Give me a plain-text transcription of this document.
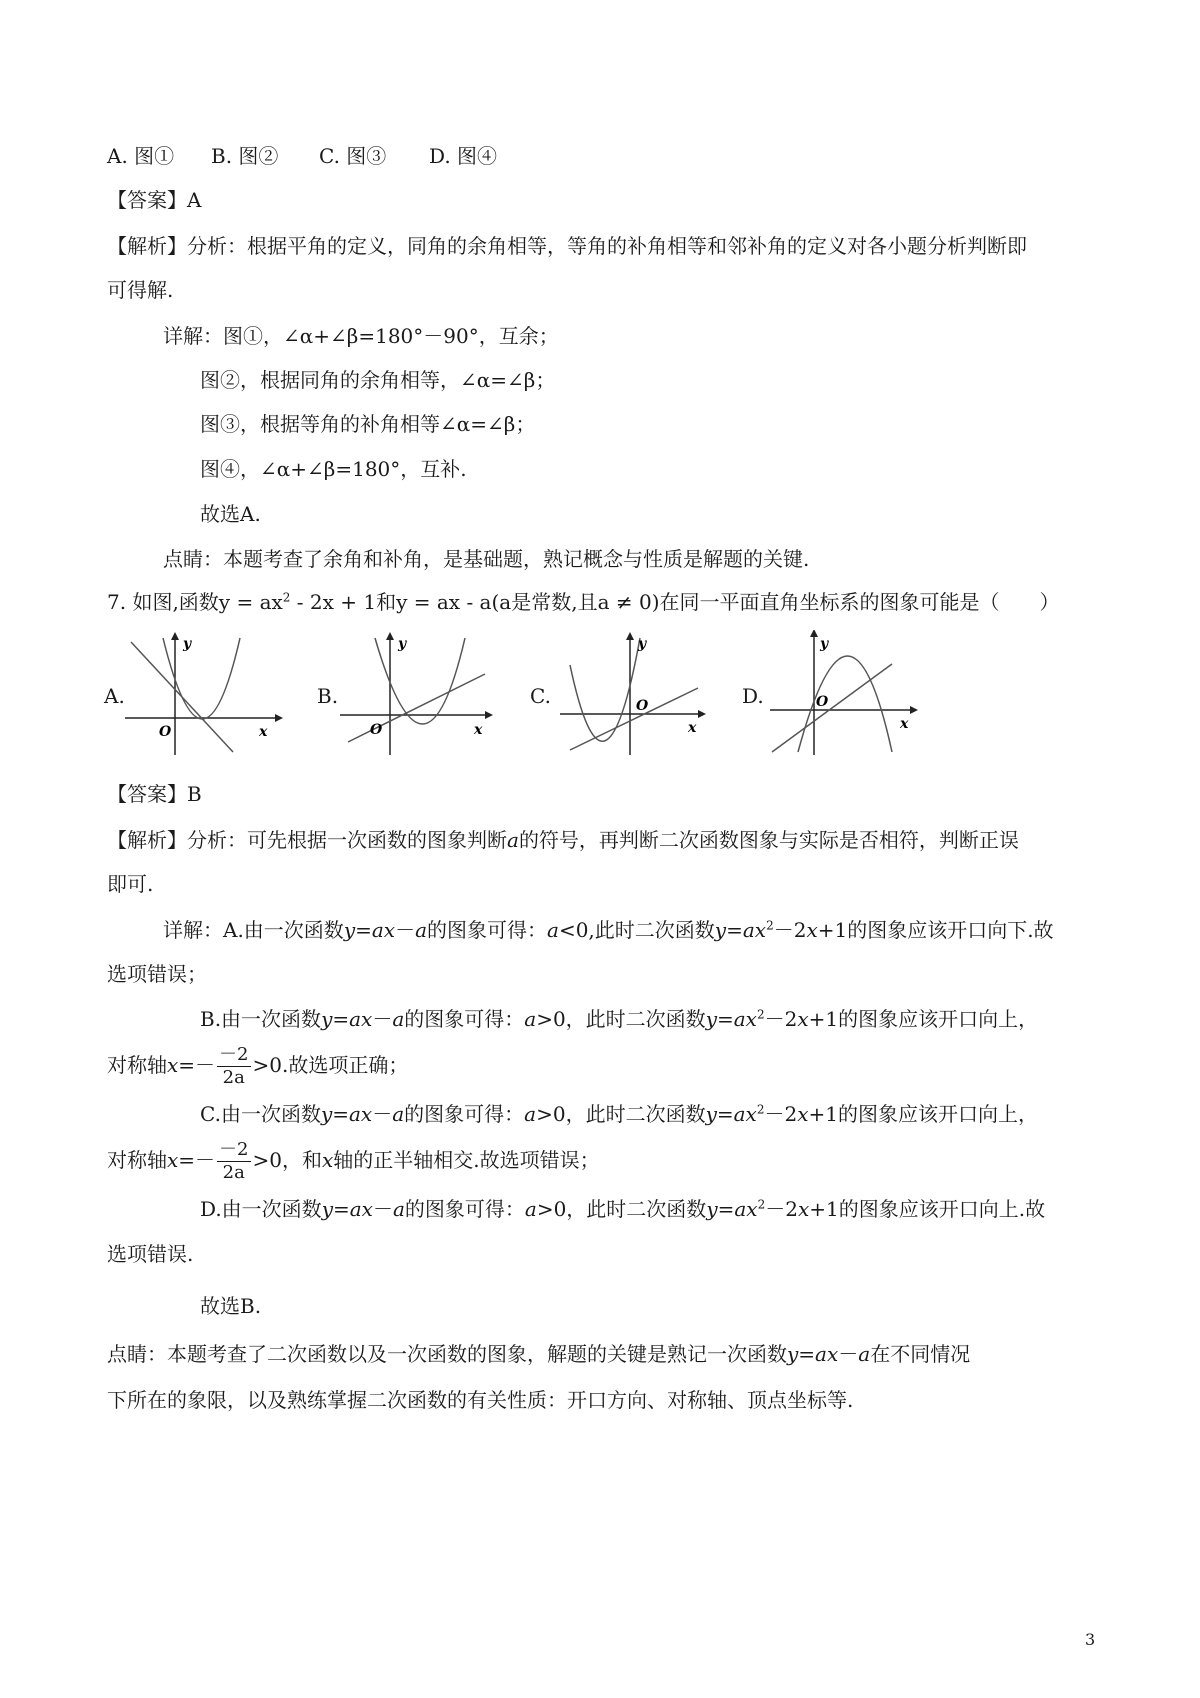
A. 图① B. 图② C. 图③ D. 图④
【答案】A
【解析】分析：根据平角的定义，同角的余角相等，等角的补角相等和邻补角的定义对各小题分析判断即
可得解.
详解：图①，∠α+∠β=180°－90°，互余；
图②，根据同角的余角相等，∠α=∠β；
图③，根据等角的补角相等∠α=∠β；
图④，∠α+∠β=180°，互补.
故选A.
点睛：本题考查了余角和补角，是基础题，熟记概念与性质是解题的关键.
7. 如图,函数$y = ax^2 - 2x + 1$和y = ax - a(a是常数,且a ≠ 0)在同一平面直角坐标系的图象可能是（　　）
A.	B.	C.	D.
y
x
O
y
x
O
y
x
O
y
x
O
【答案】B
【解析】分析：可先根据一次函数的图象判断a的符号，再判断二次函数图象与实际是否相符，判断正误
即可.
详解：A.由一次函数y=ax－a的图象可得：a<0,此时二次函数$y=ax^2-2x+1$的图象应该开口向下.故
选项错误；
B.由一次函数y=ax－a的图象可得：a>0，此时二次函数$y=ax^2-2x+1$的图象应该开口向上，
对称轴$x=- \frac{-2}{2a} >0$.故选项正确；
C.由一次函数y=ax－a的图象可得：a>0，此时二次函数$y=ax^2-2x+1$的图象应该开口向上，
对称轴$x=- \frac{-2}{2a} >0$，和x轴的正半轴相交.故选项错误；
D.由一次函数y=ax－a的图象可得：a>0，此时二次函数$y=ax^2-2x+1$的图象应该开口向上.故
选项错误.
故选B.
点睛：本题考查了二次函数以及一次函数的图象，解题的关键是熟记一次函数y=ax－a在不同情况
下所在的象限，以及熟练掌握二次函数的有关性质：开口方向、对称轴、顶点坐标等.
3
